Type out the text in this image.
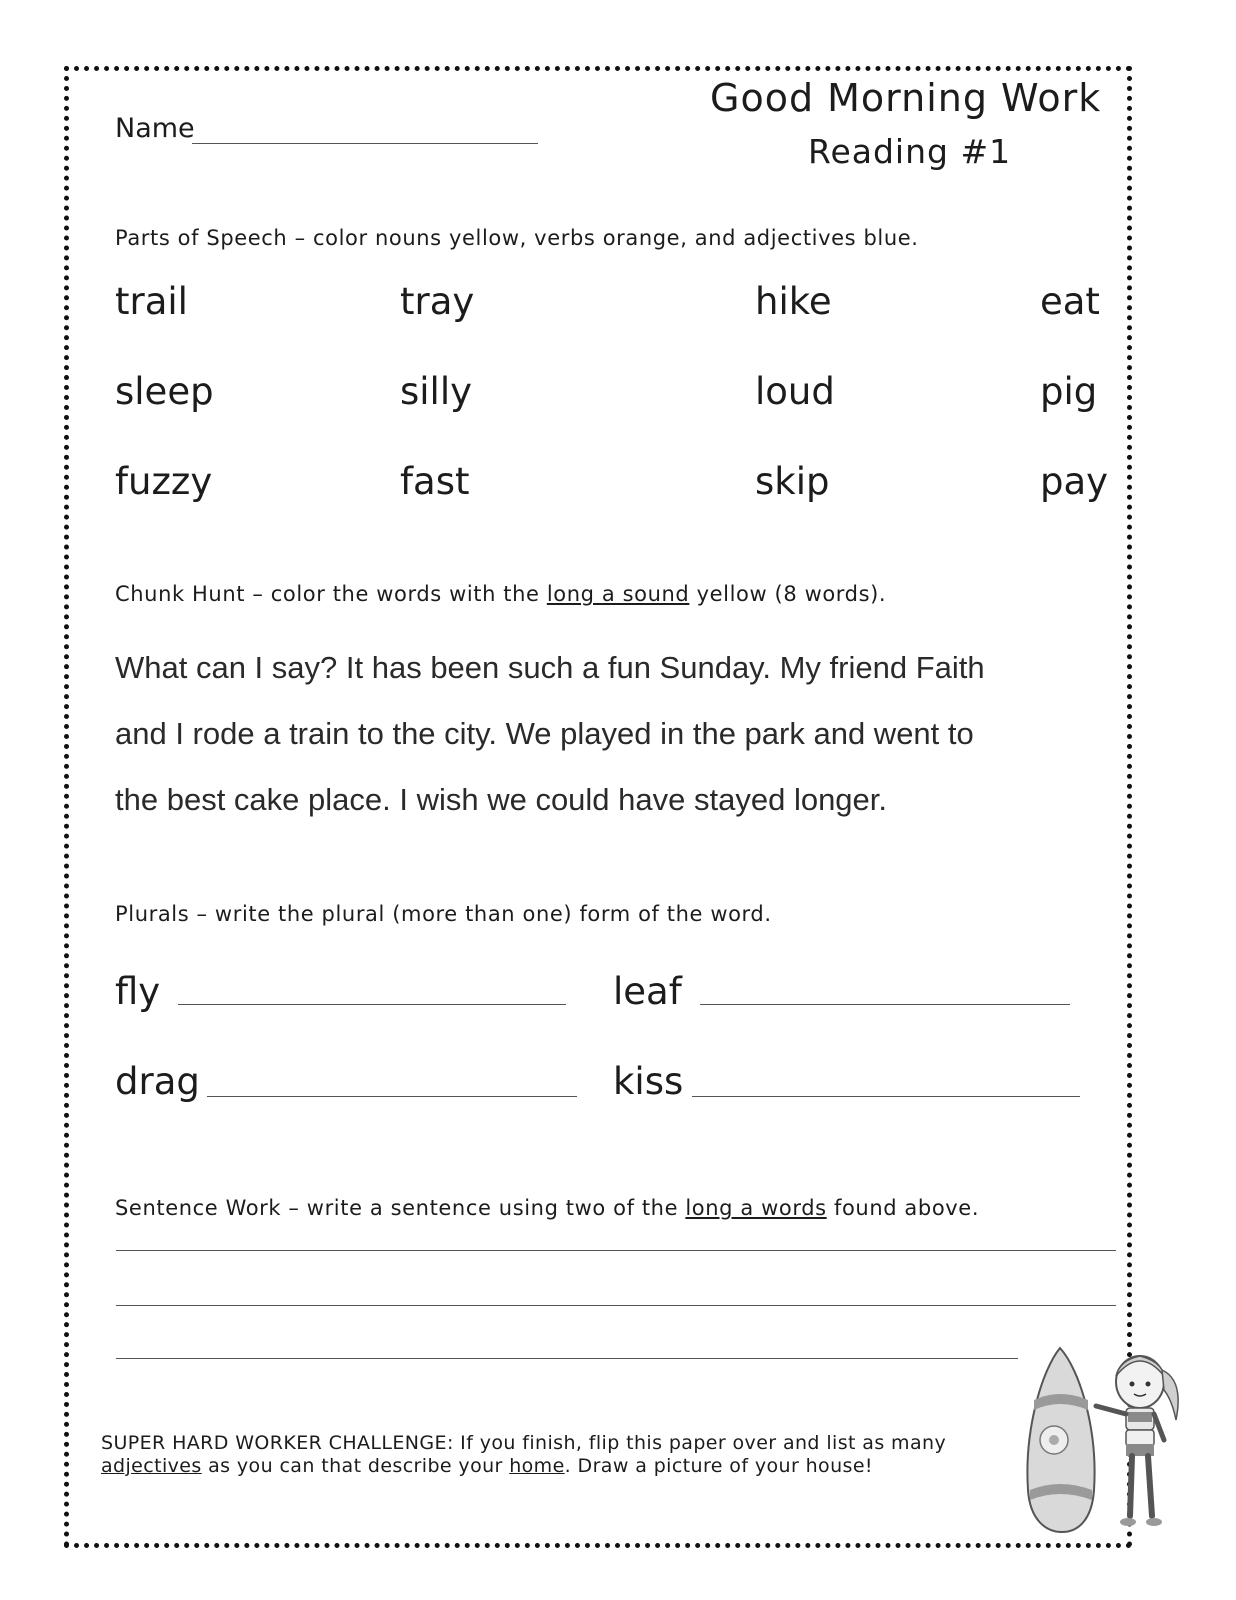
Name
Good Morning Work
Reading #1
Parts of Speech – color nouns yellow, verbs orange, and adjectives blue.
trail	tray	hike	eat
sleep	silly	loud	pig
fuzzy	fast	skip	pay
Chunk Hunt – color the words with the long a sound yellow (8 words).
What can I say? It has been such a fun Sunday. My friend Faith
and I rode a train to the city. We played in the park and went to
the best cake place. I wish we could have stayed longer.
Plurals – write the plural (more than one) form of the word.
fly	leaf
drag	kiss
Sentence Work – write a sentence using two of the long a words found above.
SUPER HARD WORKER CHALLENGE: If you finish, flip this paper over and list as many
adjectives as you can that describe your home. Draw a picture of your house!
